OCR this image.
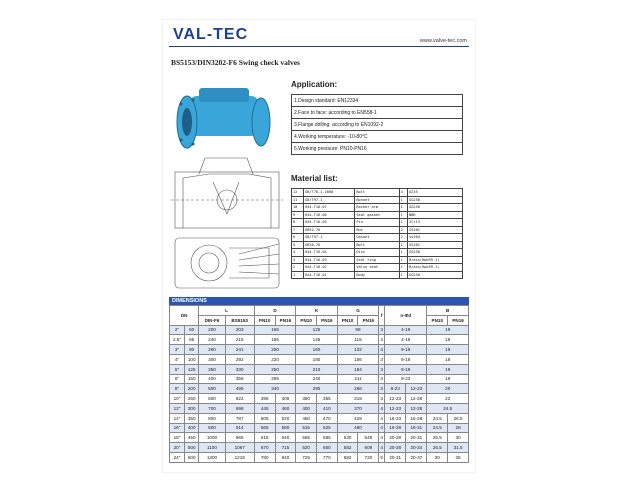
VAL-TEC	www.valve-tec.com
BS5153/DIN3202-F6 Swing check valves
Application:
1.Design standard: EN12334
2.Face to face: according to EN558-1
3.Flange drilling: according to EN1092-2
4.Working temperature: -10-80°C
5.Working pressure: PN10-PN16
Material list:
12	GB/T70.1-2000	Bolt	4	Q235
11	GB/T97.1	Bonnet	1	GG250
10	H44-T16-07	Rocker arm	1	GG250
9	H44-T16-06	Seal gasket	1	NBR
8	H44-T16-05	Pin	1	2Cr13
7	GB52-76	Nut	2	SS201
6	GB/T97.1	Gasket	2	ss304
5	GB30-76	Bolt	1	SS201
4	H44-T16-04	Disc	1	GG250
3	H44-T16-03	Seal ring	1	Brass(Hpb59-1)
2	H44-T16-02	Valve seat	1	Brass(Hpb59-1)
1	H44-T16-01	Body	1	GG250
DIMENSIONS
DN		L		D		K		G		f	n-Φd		B	
		DIN-F6	BS5153	PN10	PN16	PN10	PN16	PN10	PN16				PN10	PN16
2"	50	200	203	165		125		99		3	4-19		19	
2.5"	65	240	216	185		145		118		3	4-19		19	
3"	80	260	241	200		160		132		3	8-19		19	
4"	100	300	292	220		180		156		3	8-19		19	
5"	125	350	330	250		210		184		3	8-19		19	
6"	150	400	356	285		240		211		3	8-23		19	
8"	200	500	495	340		295		266		3	8-23	12-23	20	
10"	250	600	622	395	405	350	355	319		3	12-23	12-28	22	
12"	300	700	698	445	460	400	410	370		4	12-23	12-28	24.5	
14"	350	800	787	505	520	460	470	429		4	16-23	16-28	24.5	26.5
16"	400	800	914	565	580	515	525	480		4	16-28	16-31	24.5	28
18"	450	1000	965	615	640	565	585	530	548	4	20-28	20-31	25.5	30
20"	500	1100	1067	670	715	620	650	582	609	4	20-28	20-34	26.5	31.5
24"	600	1300	1219	780	840	725	770	682	720	5	20-31	20-37	30	36
